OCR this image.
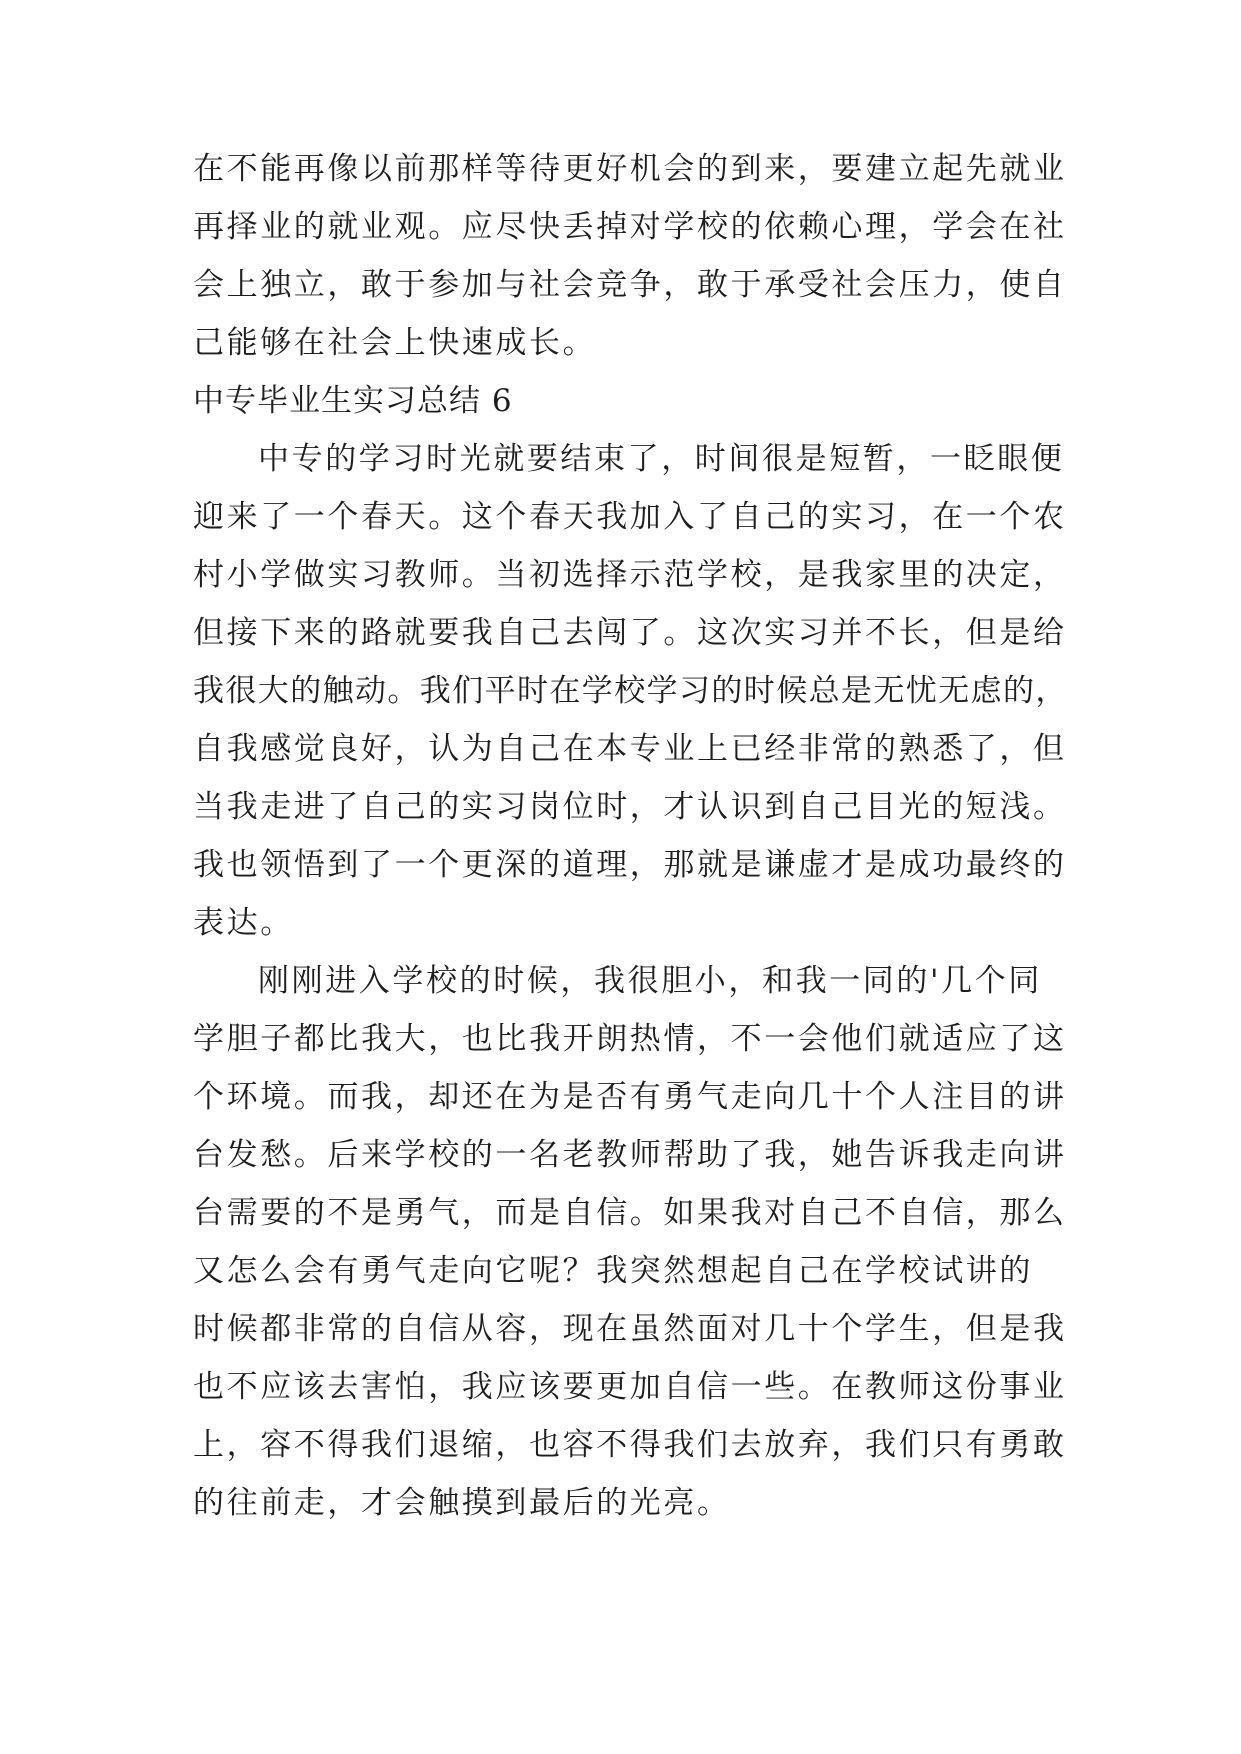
在不能再像以前那样等待更好机会的到来，要建立起先就业
再择业的就业观。应尽快丢掉对学校的依赖心理，学会在社
会上独立，敢于参加与社会竞争，敢于承受社会压力，使自
己能够在社会上快速成长。
中专毕业生实习总结 6
中专的学习时光就要结束了，时间很是短暂，一眨眼便
迎来了一个春天。这个春天我加入了自己的实习，在一个农
村小学做实习教师。当初选择示范学校，是我家里的决定，
但接下来的路就要我自己去闯了。这次实习并不长，但是给
我很大的触动。我们平时在学校学习的时候总是无忧无虑的，
自我感觉良好，认为自己在本专业上已经非常的熟悉了，但
当我走进了自己的实习岗位时，才认识到自己目光的短浅。
我也领悟到了一个更深的道理，那就是谦虚才是成功最终的
表达。
刚刚进入学校的时候，我很胆小，和我一同的'几个同
学胆子都比我大，也比我开朗热情，不一会他们就适应了这
个环境。而我，却还在为是否有勇气走向几十个人注目的讲
台发愁。后来学校的一名老教师帮助了我，她告诉我走向讲
台需要的不是勇气，而是自信。如果我对自己不自信，那么
又怎么会有勇气走向它呢？我突然想起自己在学校试讲的
时候都非常的自信从容，现在虽然面对几十个学生，但是我
也不应该去害怕，我应该要更加自信一些。在教师这份事业
上，容不得我们退缩，也容不得我们去放弃，我们只有勇敢
的往前走，才会触摸到最后的光亮。
